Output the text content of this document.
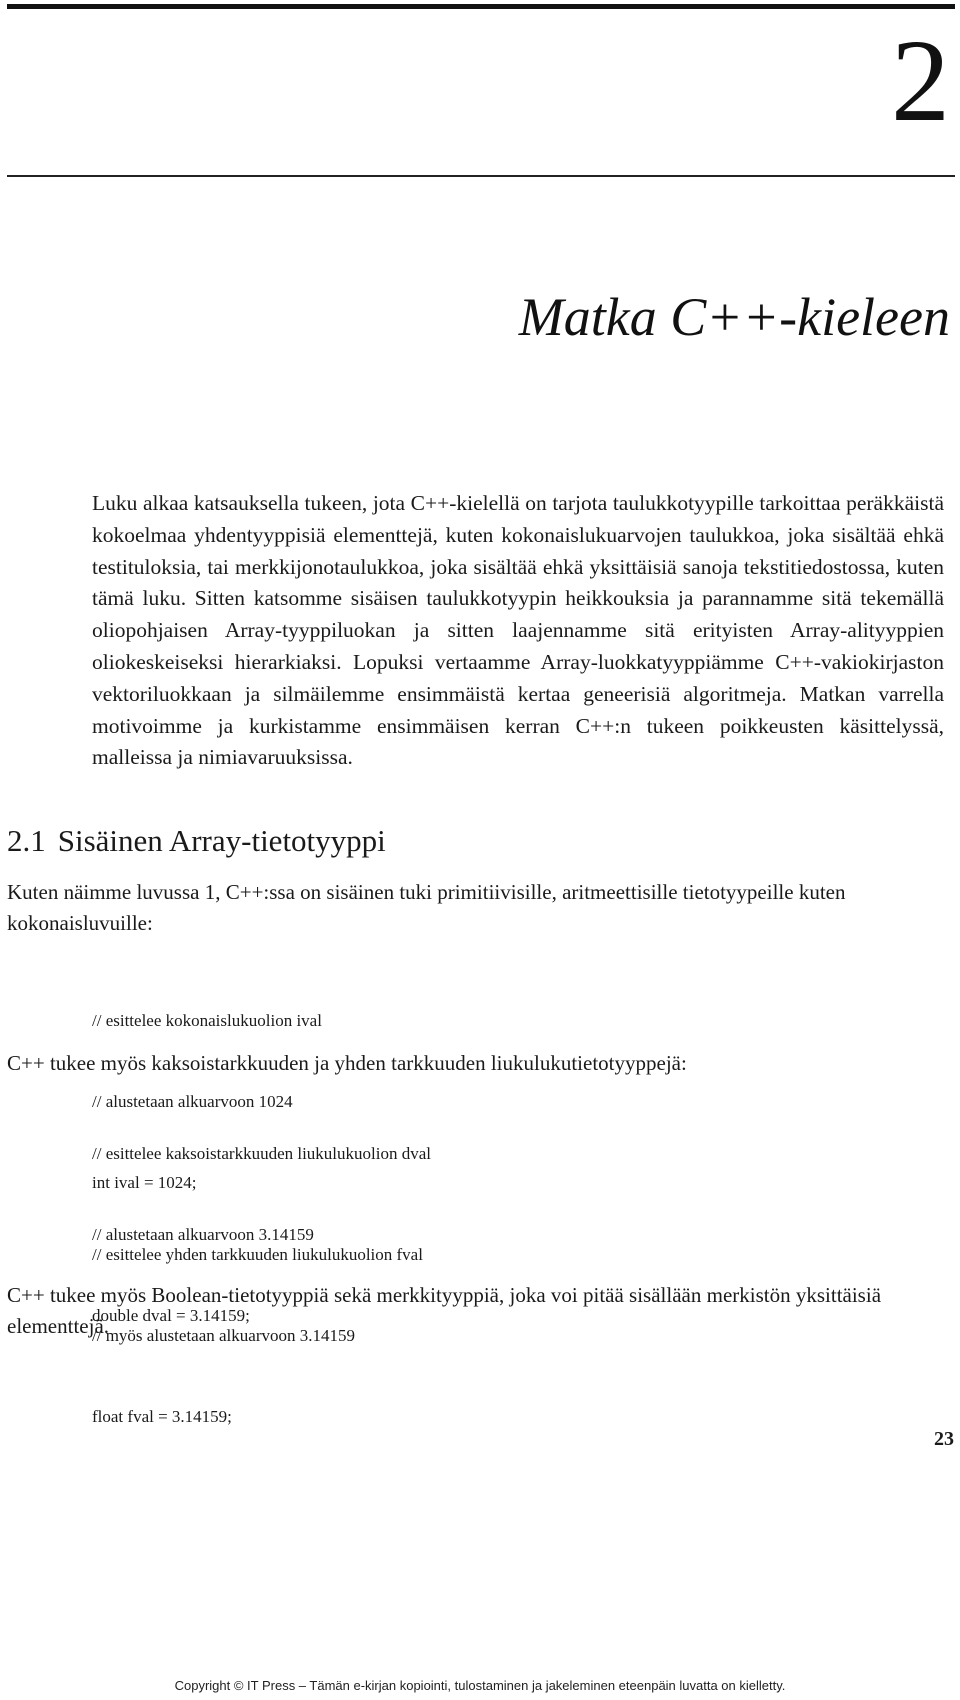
2
Matka C++-kieleen

Luku alkaa katsauksella tukeen, jota C++-kielellä on tarjota taulukkotyypille tarkoittaa peräkkäistä kokoelmaa yhdentyyppisiä elementtejä, kuten kokonaislukuarvojen taulukkoa, joka sisältää ehkä testituloksia, tai merkkijonotaulukkoa, joka sisältää ehkä yksittäisiä sanoja tekstitiedostossa, kuten tämä luku. Sitten katsomme sisäisen taulukkotyypin heikkouksia ja parannamme sitä tekemällä oliopohjaisen Array-tyyppiluokan ja sitten laajennamme sitä erityisten Array-alityyppien oliokeskeiseksi hierarkiaksi. Lopuksi vertaamme Array-luokkatyyppiämme C++-vakiokirjaston vektoriluokkaan ja silmäilemme ensimmäistä kertaa geneerisiä algoritmeja. Matkan varrella motivoimme ja kurkistamme ensimmäisen kerran C++:n tukeen poikkeusten käsittelyssä, malleissa ja nimiavaruuksissa.

2.1 Sisäinen Array-tietotyyppi

Kuten näimme luvussa 1, C++:ssa on sisäinen tuki primitiivisille, aritmeettisille tietotyypeille kuten kokonaisluvuille:

// esittelee kokonaislukuolion ival

// alustetaan alkuarvoon 1024

int ival = 1024;

C++ tukee myös kaksoistarkkuuden ja yhden tarkkuuden liukulukutietotyyppejä:

// esittelee kaksoistarkkuuden liukulukuolion dval

// alustetaan alkuarvoon 3.14159

double dval = 3.14159;

// esittelee yhden tarkkuuden liukulukuolion fval

// myös alustetaan alkuarvoon 3.14159

float fval = 3.14159;

C++ tukee myös Boolean-tietotyyppiä sekä merkkityyppiä, joka voi pitää sisällään merkistön yksittäisiä elementtejä.

23
Copyright © IT Press – Tämän e-kirjan kopiointi, tulostaminen ja jakeleminen eteenpäin luvatta on kielletty.
